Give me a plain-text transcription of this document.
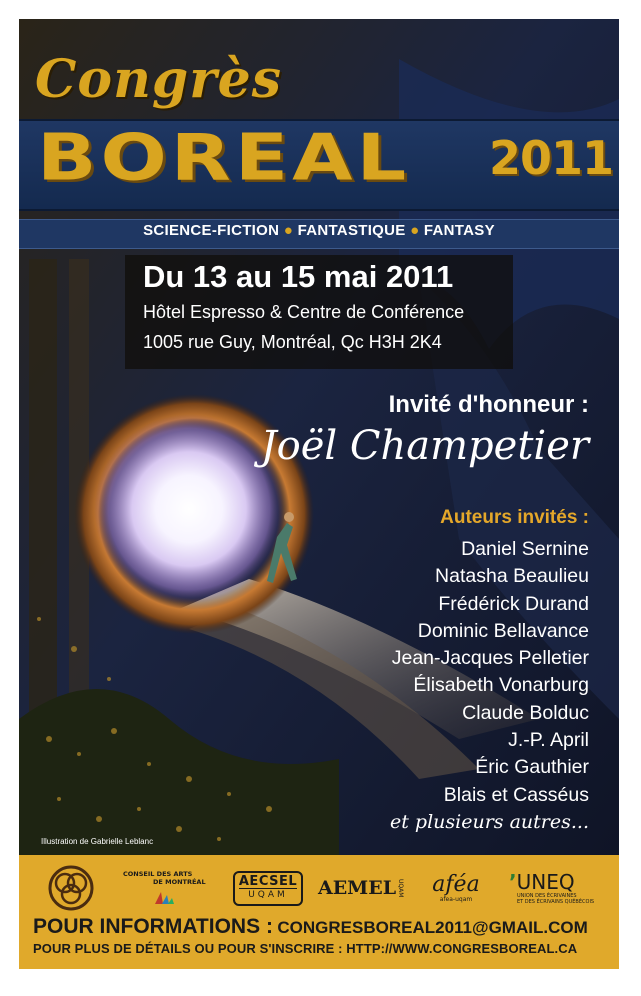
Congrès
BOREAL 2011
SCIENCE-FICTION ● FANTASTIQUE ● FANTASY
Du 13 au 15 mai 2011
Hôtel Espresso & Centre de Conférence
1005 rue Guy, Montréal, Qc H3H 2K4
Invité d'honneur :
Joël Champetier
Auteurs invités :
Daniel Sernine
Natasha Beaulieu
Frédérick Durand
Dominic Bellavance
Jean-Jacques Pelletier
Élisabeth Vonarburg
Claude Bolduc
J.-P. April
Éric Gauthier
Blais et Casséus
et plusieurs autres...
Illustration de Gabrielle Leblanc
CONSEIL DES ARTS
DE MONTRÉAL	AECSEL
UQAM	AEMEL UQAM aféa
afea-uqam
’UNEQ
UNION DES ÉCRIVAINES
ET DES ÉCRIVAINS QUÉBÉCOIS
POUR INFORMATIONS : CONGRESBOREAL2011@GMAIL.COM
POUR PLUS DE DÉTAILS OU POUR S'INSCRIRE : HTTP://WWW.CONGRESBOREAL.CA
